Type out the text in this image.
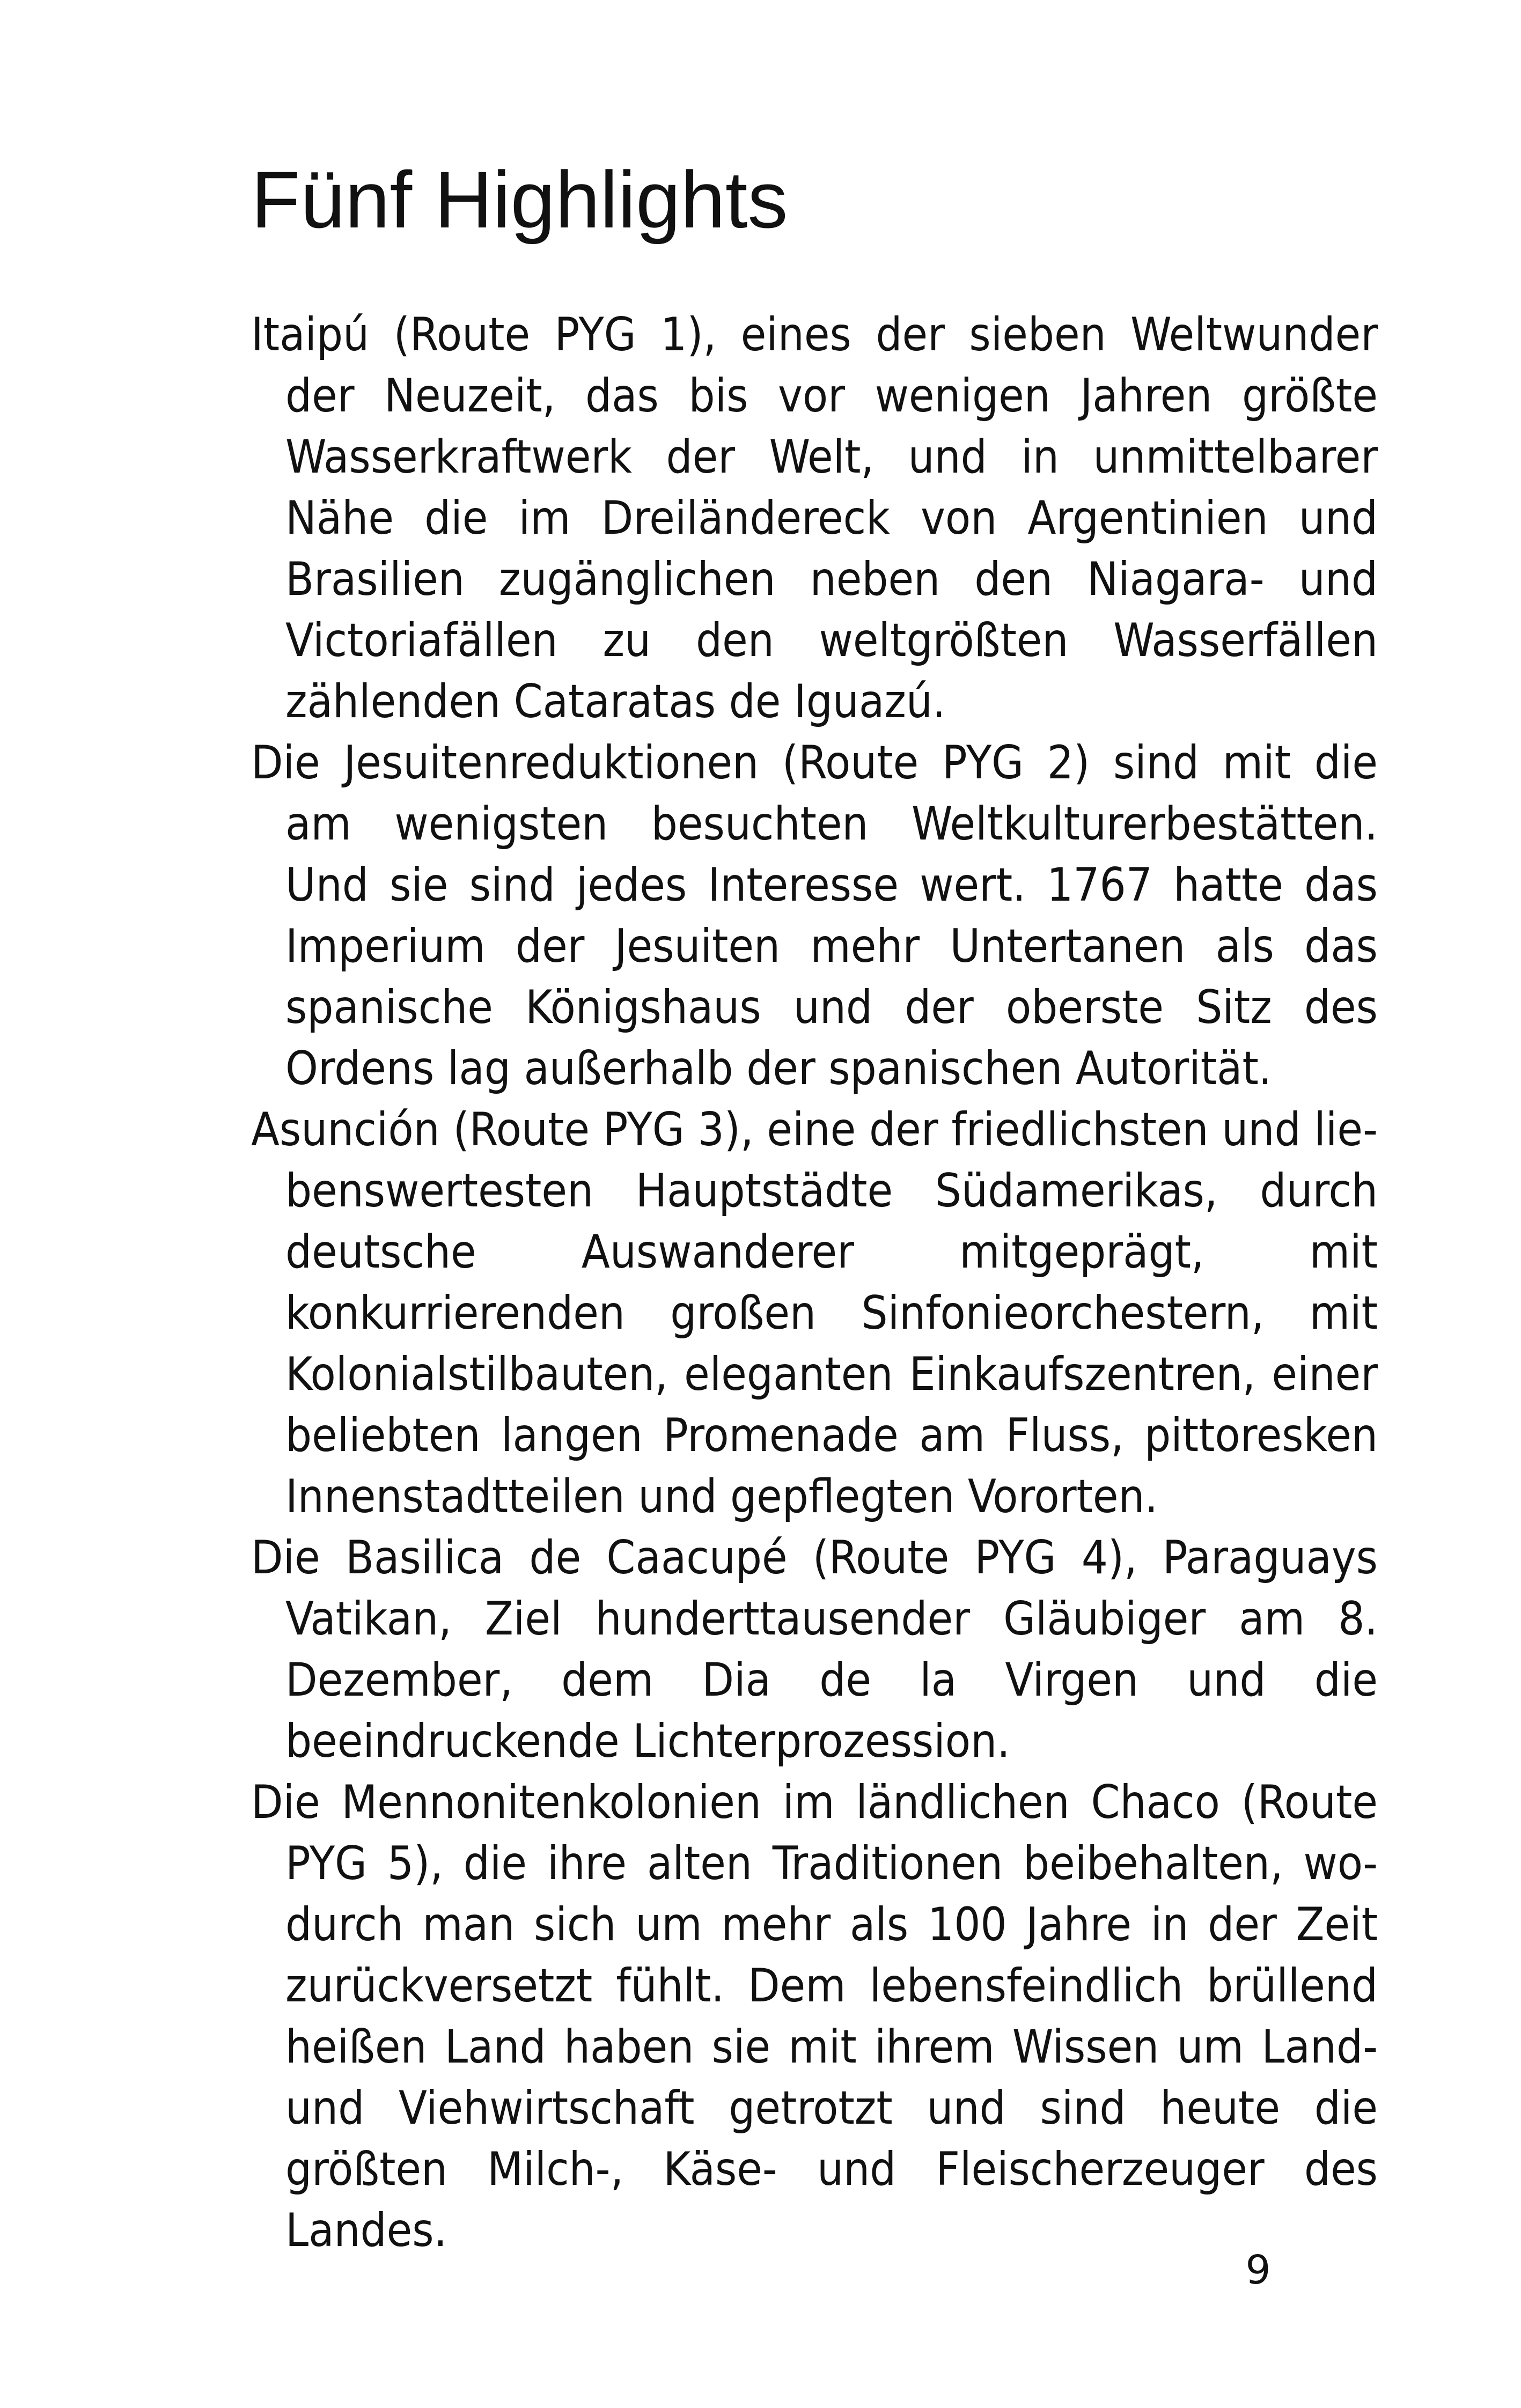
Fünf Highlights
Itaipú (Route PYG 1), eines der sieben Weltwunder der Neuzeit, das bis vor wenigen Jahren größte Wasserkraftwerk der Welt, und in unmittelbarer Nähe die im Dreiländereck von Argentinien und Brasilien zugänglichen neben den Niagara- und Victoriafällen zu den weltgrößten Wasserfällen zählenden Cataratas de Iguazú.
Die Jesuitenreduktionen (Route PYG 2) sind mit die am wenigsten besuchten Weltkulturerbestätten. Und sie sind jedes Interesse wert. 1767 hatte das Imperium der Jesuiten mehr Untertanen als das spanische Königshaus und der oberste Sitz des Ordens lag außerhalb der spanischen Autorität.
Asunción (Route PYG 3), eine der friedlichsten und liebenswertesten Hauptstädte Südamerikas, durch deutsche Auswanderer mitgeprägt, mit konkurrierenden großen Sinfonieorchestern, mit Kolonialstilbauten, eleganten Einkaufszentren, einer beliebten langen Promenade am Fluss, pittoresken Innenstadtteilen und gepflegten Vororten.
Die Basilica de Caacupé (Route PYG 4), Paraguays Vatikan, Ziel hunderttausender Gläubiger am 8. Dezember, dem Dia de la Virgen und die beeindruckende Lichterprozession.
Die Mennonitenkolonien im ländlichen Chaco (Route PYG 5), die ihre alten Traditionen beibehalten, wodurch man sich um mehr als 100 Jahre in der Zeit zurückversetzt fühlt. Dem lebensfeindlich brüllend heißen Land haben sie mit ihrem Wissen um Land- und Viehwirtschaft getrotzt und sind heute die größten Milch-, Käse- und Fleischerzeuger des Landes.
9
